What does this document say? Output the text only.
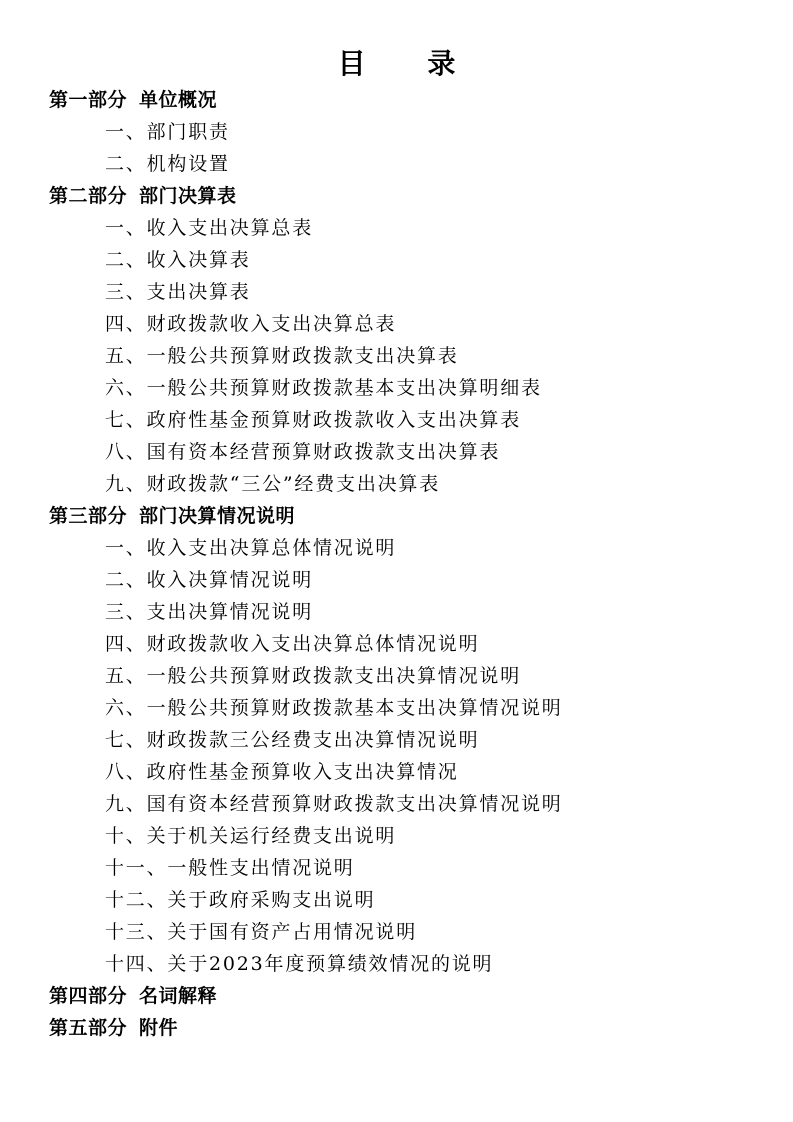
目 录
第一部分 单位概况
一、部门职责
二、机构设置
第二部分 部门决算表
一、收入支出决算总表
二、收入决算表
三、支出决算表
四、财政拨款收入支出决算总表
五、一般公共预算财政拨款支出决算表
六、一般公共预算财政拨款基本支出决算明细表
七、政府性基金预算财政拨款收入支出决算表
八、国有资本经营预算财政拨款支出决算表
九、财政拨款“三公”经费支出决算表
第三部分 部门决算情况说明
一、收入支出决算总体情况说明
二、收入决算情况说明
三、支出决算情况说明
四、财政拨款收入支出决算总体情况说明
五、一般公共预算财政拨款支出决算情况说明
六、一般公共预算财政拨款基本支出决算情况说明
七、财政拨款三公经费支出决算情况说明
八、政府性基金预算收入支出决算情况
九、国有资本经营预算财政拨款支出决算情况说明
十、关于机关运行经费支出说明
十一、一般性支出情况说明
十二、关于政府采购支出说明
十三、关于国有资产占用情况说明
十四、关于2023年度预算绩效情况的说明
第四部分 名词解释
第五部分 附件
